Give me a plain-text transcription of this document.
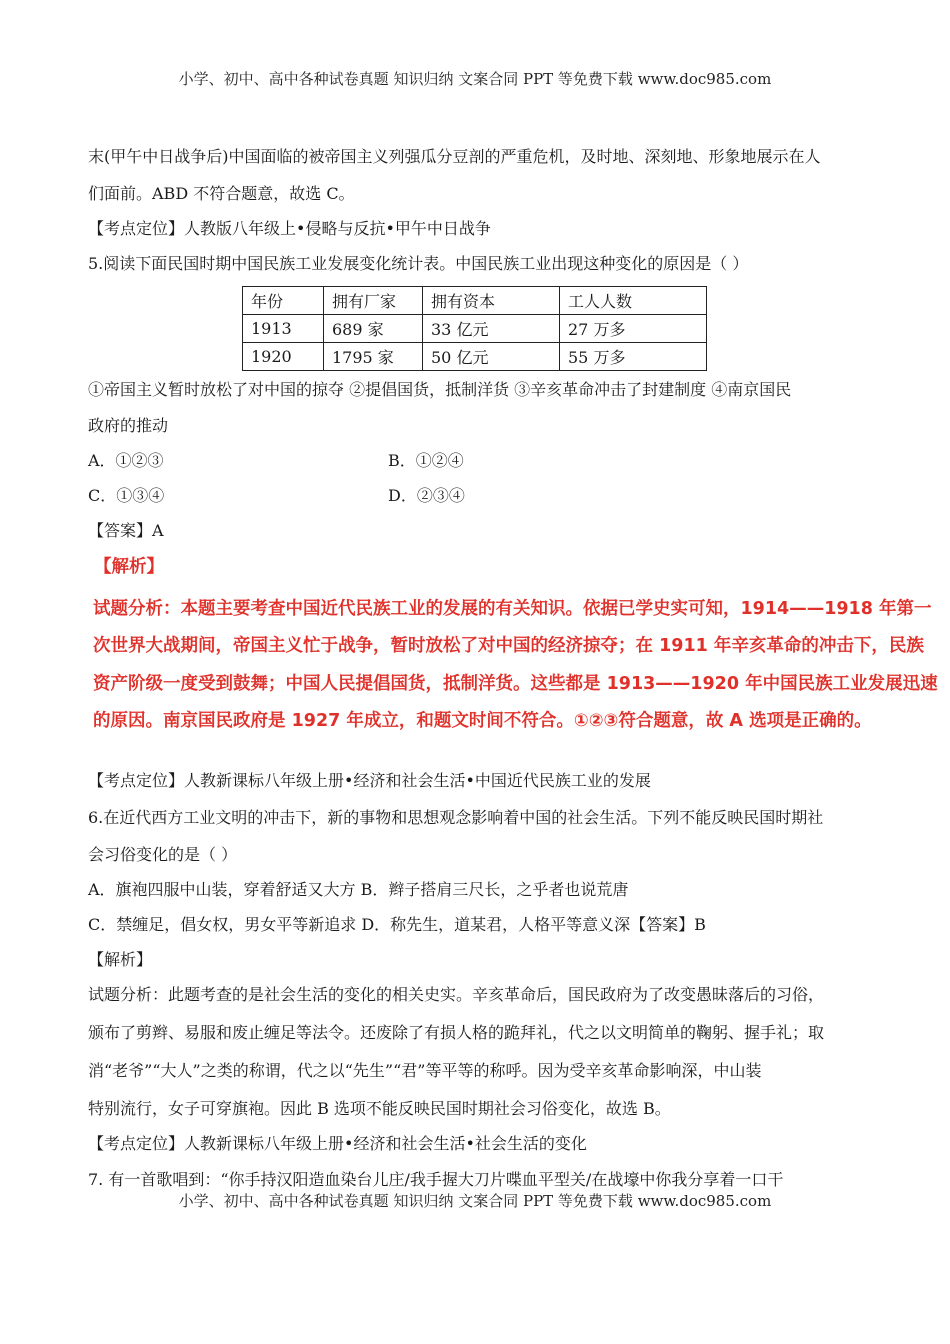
小学、初中、高中各种试卷真题 知识归纳 文案合同 PPT 等免费下载 www.doc985.com
末(甲午中日战争后)中国面临的被帝国主义列强瓜分豆剖的严重危机，及时地、深刻地、形象地展示在人
们面前。ABD 不符合题意，故选 C。
【考点定位】人教版八年级上•侵略与反抗•甲午中日战争
5.阅读下面民国时期中国民族工业发展变化统计表。中国民族工业出现这种变化的原因是（ ）
年份	拥有厂家	拥有资本	工人人数
1913	689 家	33 亿元	27 万多
1920	1795 家	50 亿元	55 万多
①帝国主义暂时放松了对中国的掠夺 ②提倡国货，抵制洋货 ③辛亥革命冲击了封建制度 ④南京国民
政府的推动
A．①②③	B．①②④
C．①③④	D．②③④
【答案】A
【解析】
试题分析：本题主要考查中国近代民族工业的发展的有关知识。依据已学史实可知，1914——1918 年第一
次世界大战期间，帝国主义忙于战争，暂时放松了对中国的经济掠夺；在 1911 年辛亥革命的冲击下，民族
资产阶级一度受到鼓舞；中国人民提倡国货，抵制洋货。这些都是 1913——1920 年中国民族工业发展迅速
的原因。南京国民政府是 1927 年成立，和题文时间不符合。①②③符合题意，故 A 选项是正确的。
【考点定位】人教新课标八年级上册•经济和社会生活•中国近代民族工业的发展
6.在近代西方工业文明的冲击下，新的事物和思想观念影响着中国的社会生活。下列不能反映民国时期社
会习俗变化的是（ ）
A．旗袍四服中山装，穿着舒适又大方 B．辫子搭肩三尺长，之乎者也说荒唐
C．禁缠足，倡女权，男女平等新追求 D．称先生，道某君，人格平等意义深【答案】B
【解析】
试题分析：此题考查的是社会生活的变化的相关史实。辛亥革命后，国民政府为了改变愚昧落后的习俗，
颁布了剪辫、易服和废止缠足等法令。还废除了有损人格的跪拜礼，代之以文明简单的鞠躬、握手礼；取
消“老爷”“大人”之类的称谓，代之以“先生”“君”等平等的称呼。因为受辛亥革命影响深，中山装
特别流行，女子可穿旗袍。因此 B 选项不能反映民国时期社会习俗变化，故选 B。
【考点定位】人教新课标八年级上册•经济和社会生活•社会生活的变化
7. 有一首歌唱到：“你手持汉阳造血染台儿庄/我手握大刀片喋血平型关/在战壕中你我分享着一口干
小学、初中、高中各种试卷真题 知识归纳 文案合同 PPT 等免费下载 www.doc985.com
